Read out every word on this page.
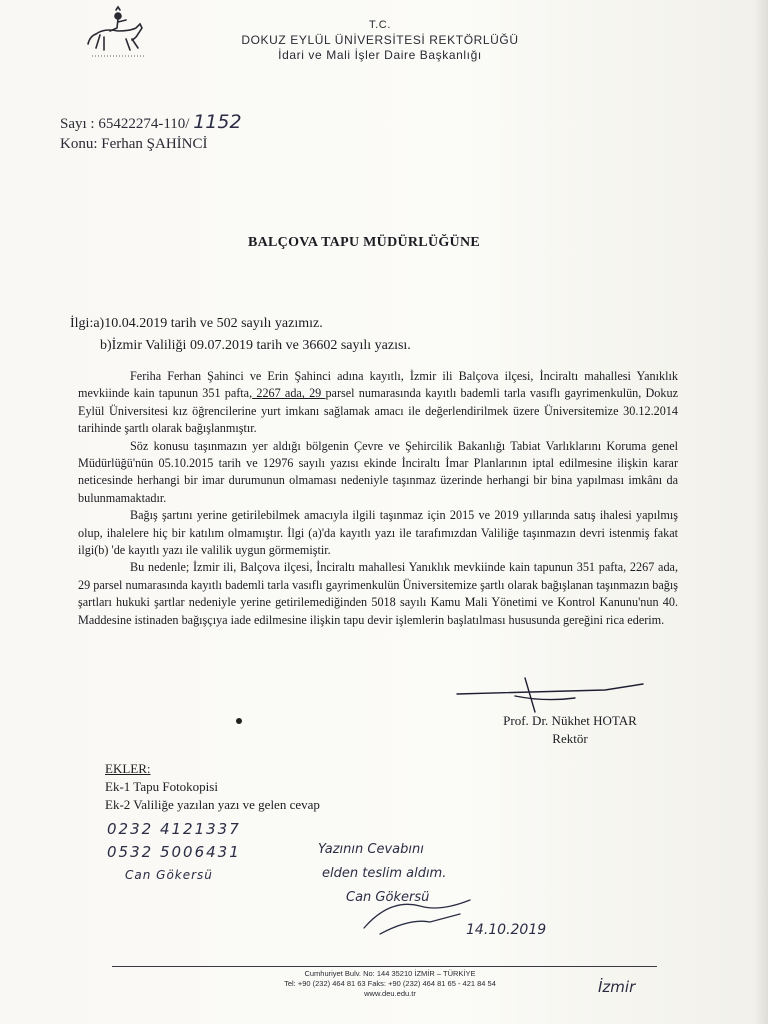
T.C.
DOKUZ EYLÜL ÜNİVERSİTESİ REKTÖRLÜĞÜ
İdari ve Mali İşler Daire Başkanlığı
Sayı : 65422274-110/ 1152
Konu: Ferhan ŞAHİNCİ
BALÇOVA TAPU MÜDÜRLÜĞÜNE
İlgi:a)10.04.2019 tarih ve 502 sayılı yazımız.
b)İzmir Valiliği 09.07.2019 tarih ve 36602 sayılı yazısı.

Feriha Ferhan Şahinci ve Erin Şahinci adına kayıtlı, İzmir ili Balçova ilçesi, İnciraltı mahallesi Yanıklık mevkiinde kain tapunun 351 pafta, 2267 ada, 29 parsel numarasında kayıtlı bademli tarla vasıflı gayrimenkulün, Dokuz Eylül Üniversitesi kız öğrencilerine yurt imkanı sağlamak amacı ile değerlendirilmek üzere Üniversitemize 30.12.2014 tarihinde şartlı olarak bağışlanmıştır.

Söz konusu taşınmazın yer aldığı bölgenin Çevre ve Şehircilik Bakanlığı Tabiat Varlıklarını Koruma genel Müdürlüğü'nün 05.10.2015 tarih ve 12976 sayılı yazısı ekinde İnciraltı İmar Planlarının iptal edilmesine ilişkin karar neticesinde herhangi bir imar durumunun olmaması nedeniyle taşınmaz üzerinde herhangi bir bina yapılması imkânı da bulunmamaktadır.

Bağış şartını yerine getirilebilmek amacıyla ilgili taşınmaz için 2015 ve 2019 yıllarında satış ihalesi yapılmış olup, ihalelere hiç bir katılım olmamıştır. İlgi (a)'da kayıtlı yazı ile tarafımızdan Valiliğe taşınmazın devri istenmiş fakat ilgi(b) 'de kayıtlı yazı ile valilik uygun görmemiştir.

Bu nedenle; İzmir ili, Balçova ilçesi, İnciraltı mahallesi Yanıklık mevkiinde kain tapunun 351 pafta, 2267 ada, 29 parsel numarasında kayıtlı bademli tarla vasıflı gayrimenkulün Üniversitemize şartlı olarak bağışlanan taşınmazın bağış şartları hukuki şartlar nedeniyle yerine getirilemediğinden 5018 sayılı Kamu Mali Yönetimi ve Kontrol Kanunu'nun 40. Maddesine istinaden bağışçıya iade edilmesine ilişkin tapu devir işlemlerin başlatılması hususunda gereğini rica ederim.

Prof. Dr. Nükhet HOTAR
Rektör
EKLER:
Ek-1 Tapu Fotokopisi
Ek-2 Valiliğe yazılan yazı ve gelen cevap
0232 4121337
0532 5006431
Can Gökersü
Yazının Cevabını
elden teslim aldım.
Can Gökersü
14.10.2019
Cumhuriyet Bulv. No: 144 35210 İZMİR – TÜRKİYE
Tel: +90 (232) 464 81 63 Faks: +90 (232) 464 81 65 - 421 84 54
www.deu.edu.tr	İzmir
